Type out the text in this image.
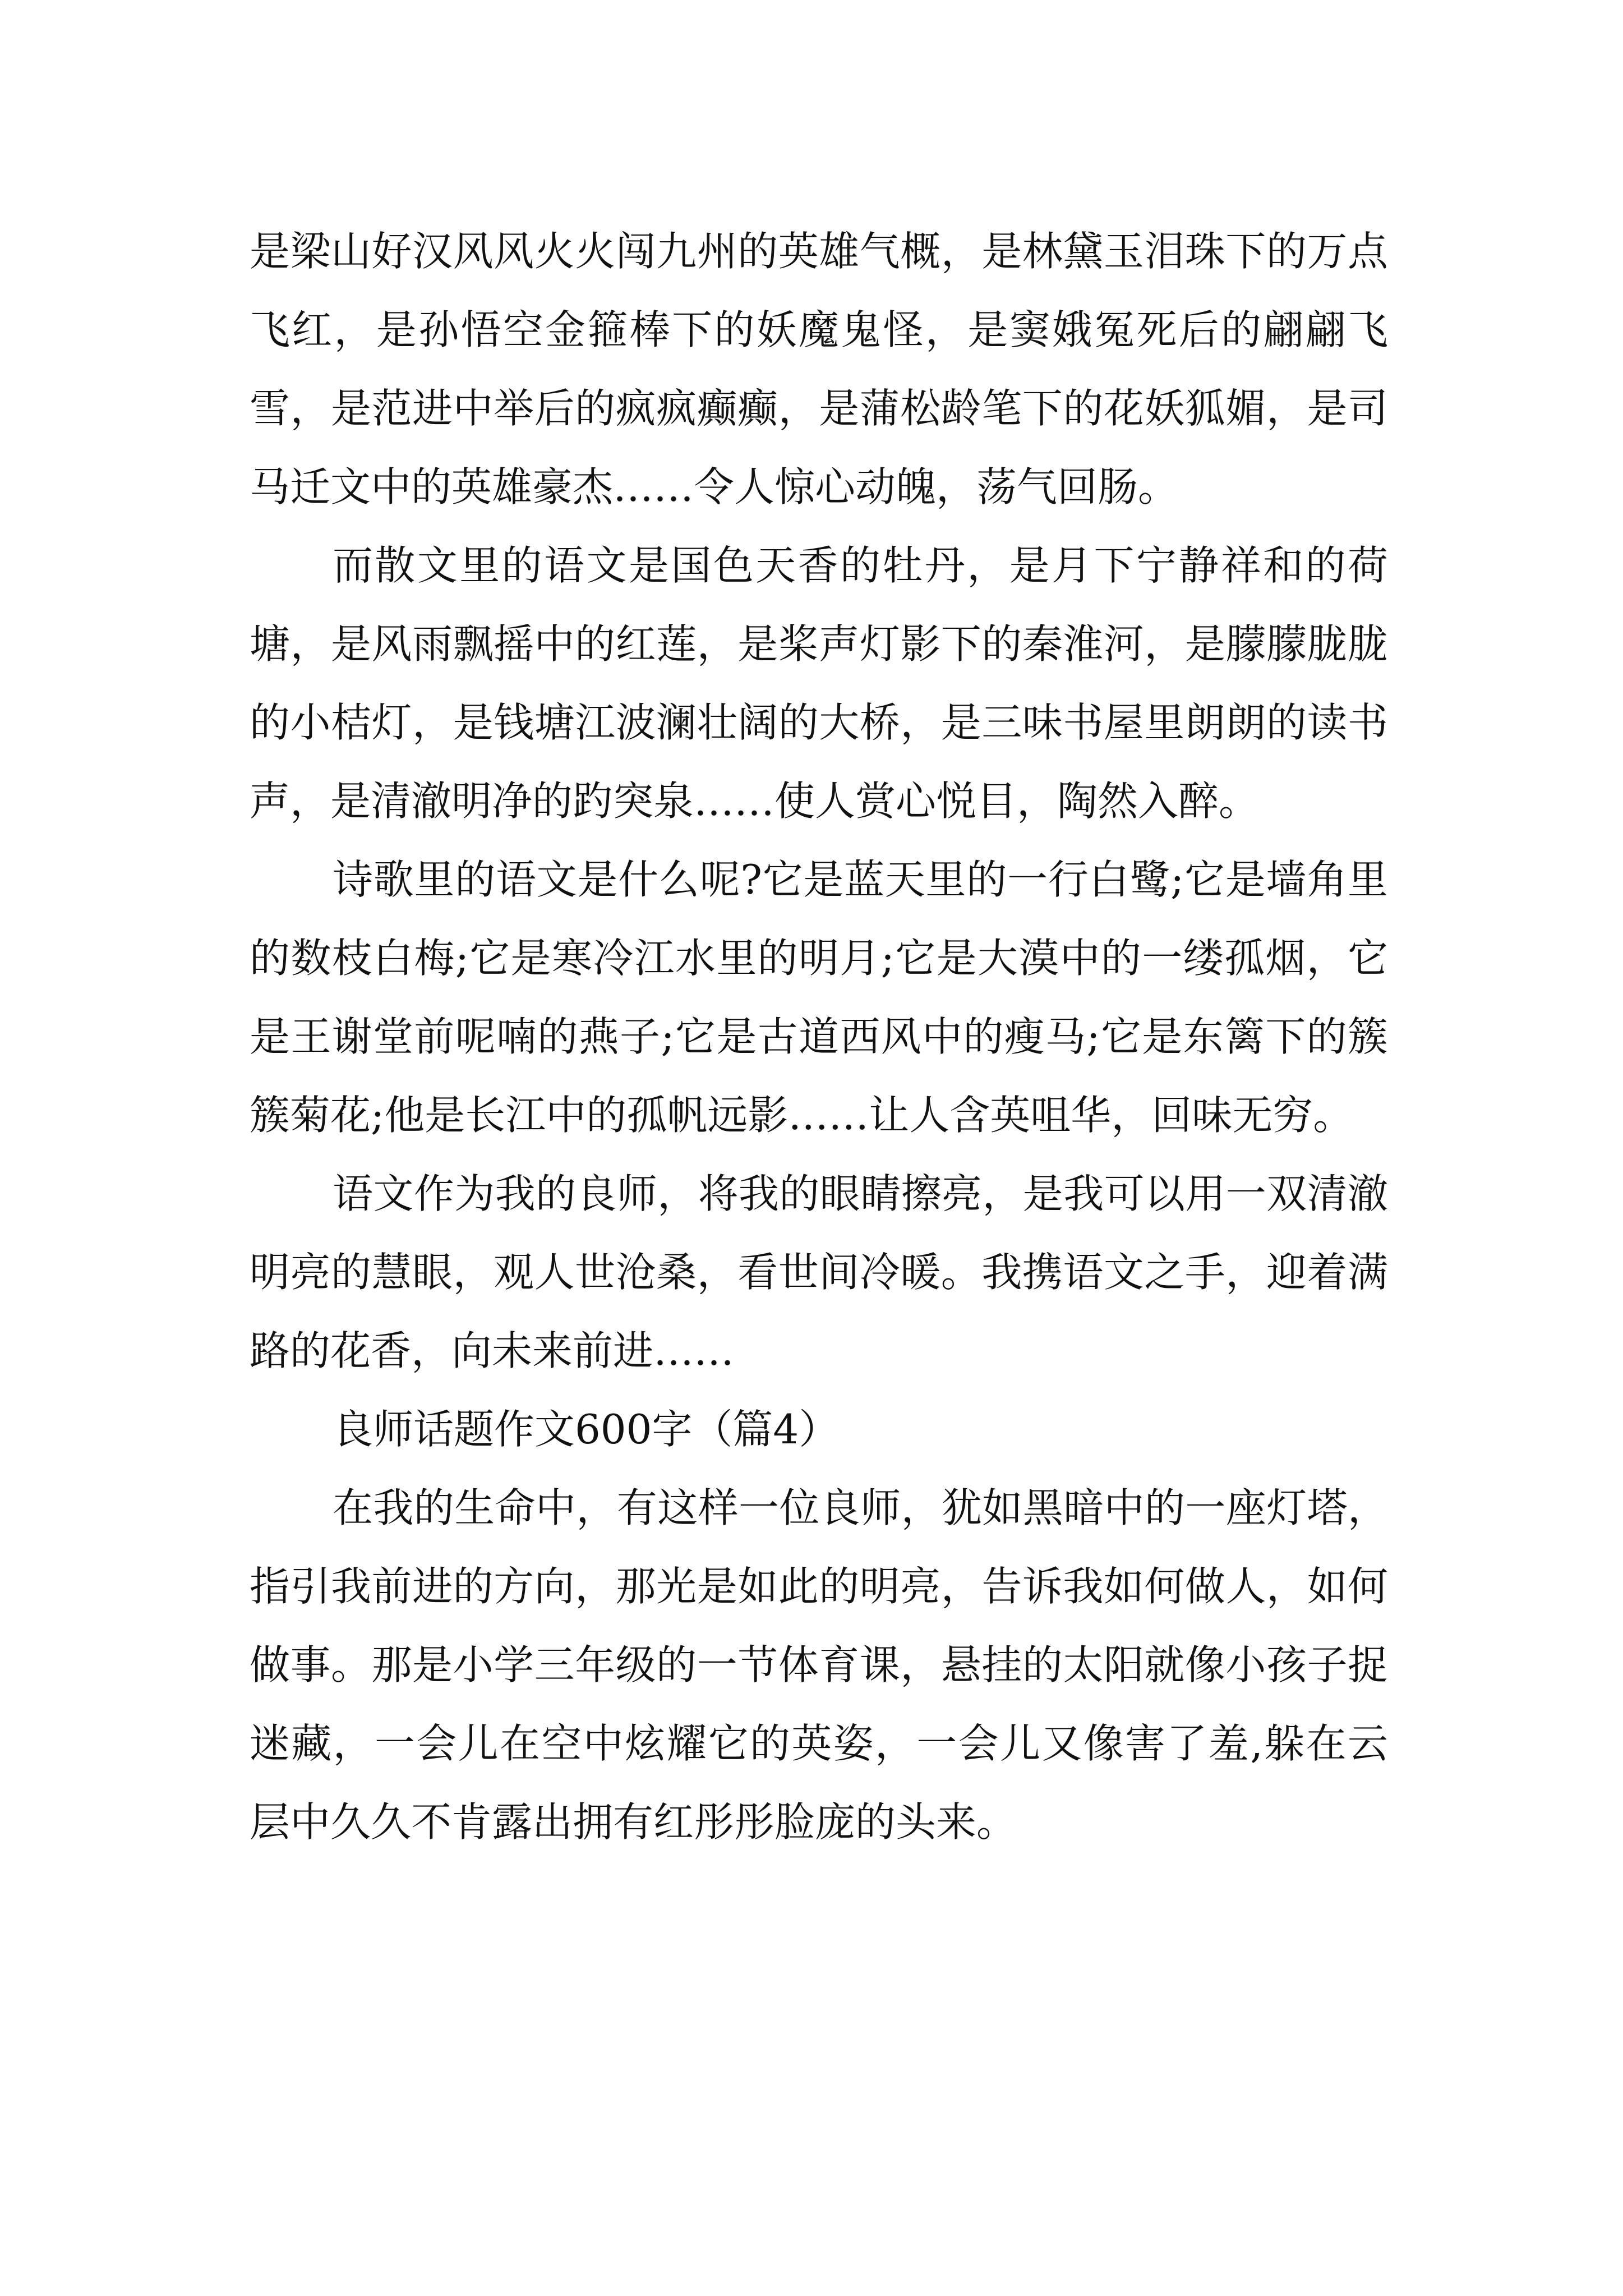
是梁山好汉风风火火闯九州的英雄气概，是林黛玉泪珠下的万点飞红，是孙悟空金箍棒下的妖魔鬼怪，是窦娥冤死后的翩翩飞雪，是范进中举后的疯疯癫癫，是蒲松龄笔下的花妖狐媚，是司马迁文中的英雄豪杰……令人惊心动魄，荡气回肠。

而散文里的语文是国色天香的牡丹，是月下宁静祥和的荷塘，是风雨飘摇中的红莲，是桨声灯影下的秦淮河，是朦朦胧胧的小桔灯，是钱塘江波澜壮阔的大桥，是三味书屋里朗朗的读书声，是清澈明净的趵突泉……使人赏心悦目，陶然入醉。

诗歌里的语文是什么呢?它是蓝天里的一行白鹭;它是墙角里的数枝白梅;它是寒冷江水里的明月;它是大漠中的一缕孤烟，它是王谢堂前呢喃的燕子;它是古道西风中的瘦马;它是东篱下的簇簇菊花;他是长江中的孤帆远影……让人含英咀华，回味无穷。

语文作为我的良师，将我的眼睛擦亮，是我可以用一双清澈明亮的慧眼，观人世沧桑，看世间冷暖。我携语文之手，迎着满路的花香，向未来前进……

良师话题作文600字（篇4）

在我的生命中，有这样一位良师，犹如黑暗中的一座灯塔，指引我前进的方向，那光是如此的明亮，告诉我如何做人，如何做事。那是小学三年级的一节体育课，悬挂的太阳就像小孩子捉迷藏，一会儿在空中炫耀它的英姿，一会儿又像害了羞,躲在云层中久久不肯露出拥有红彤彤脸庞的头来。
